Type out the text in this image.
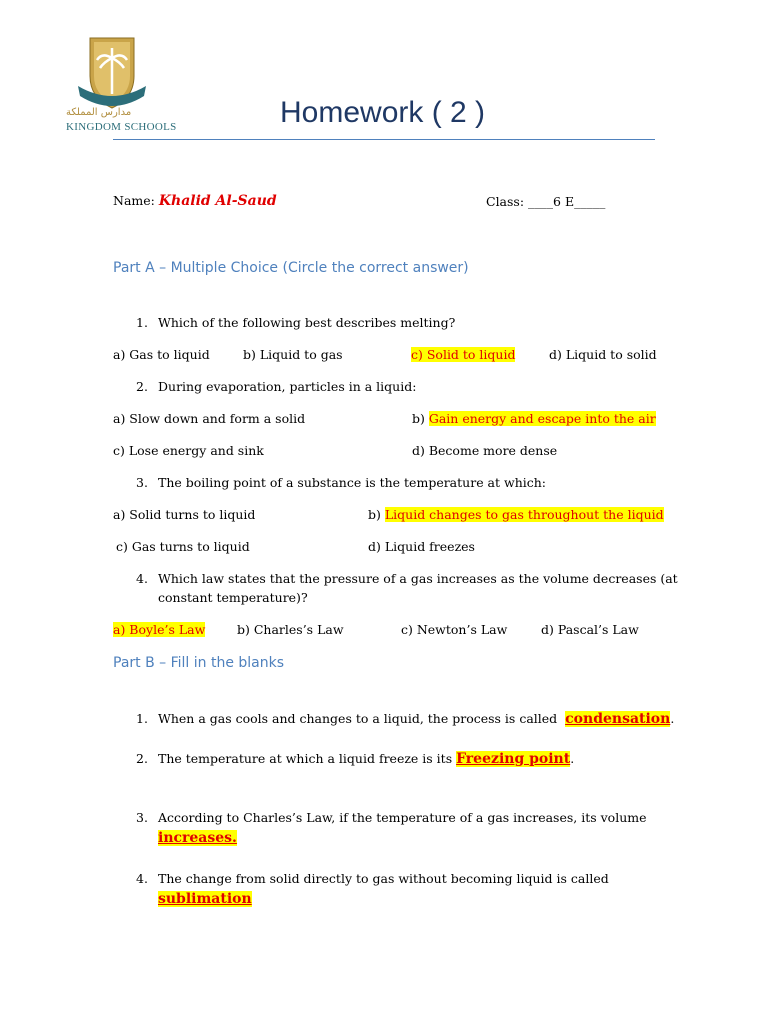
مدارس المملكة
KINGDOM SCHOOLS	Homework ( 2 )
Name: Khalid Al-Saud	Class: ____6 E_____
Part A – Multiple Choice (Circle the correct answer)
1. Which of the following best describes melting?
a) Gas to liquid	b) Liquid to gas	c) Solid to liquid	d) Liquid to solid
2. During evaporation, particles in a liquid:
a) Slow down and form a solid	b) Gain energy and escape into the air
c) Lose energy and sink	d) Become more dense
3. The boiling point of a substance is the temperature at which:
a) Solid turns to liquid	b) Liquid changes to gas throughout the liquid
c) Gas turns to liquid	d) Liquid freezes
4. Which law states that the pressure of a gas increases as the volume decreases (at
constant temperature)?
a) Boyle’s Law	b) Charles’s Law	c) Newton’s Law	d) Pascal’s Law
Part B – Fill in the blanks
1. When a gas cools and changes to a liquid, the process is called condensation.
2. The temperature at which a liquid freeze is its Freezing point.
3. According to Charles’s Law, if the temperature of a gas increases, its volume
increases.
4. The change from solid directly to gas without becoming liquid is called
sublimation
